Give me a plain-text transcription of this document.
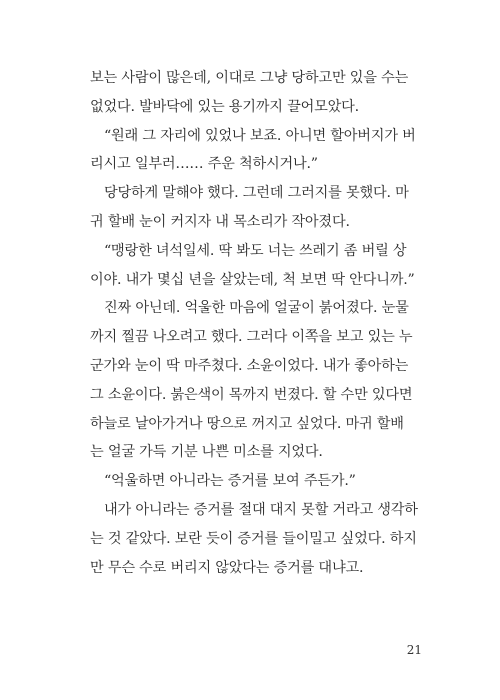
보는 사람이 많은데, 이대로 그냥 당하고만 있을 수는
없었다. 발바닥에 있는 용기까지 끌어모았다.
“원래 그 자리에 있었나 보죠. 아니면 할아버지가 버
리시고 일부러…… 주운 척하시거나.”
당당하게 말해야 했다. 그런데 그러지를 못했다. 마
귀 할배 눈이 커지자 내 목소리가 작아졌다.
“맹랑한 녀석일세. 딱 봐도 너는 쓰레기 좀 버릴 상
이야. 내가 몇십 년을 살았는데, 척 보면 딱 안다니까.”
진짜 아닌데. 억울한 마음에 얼굴이 붉어졌다. 눈물
까지 찔끔 나오려고 했다. 그러다 이쪽을 보고 있는 누
군가와 눈이 딱 마주쳤다. 소윤이었다. 내가 좋아하는
그 소윤이다. 붉은색이 목까지 번졌다. 할 수만 있다면
하늘로 날아가거나 땅으로 꺼지고 싶었다. 마귀 할배
는 얼굴 가득 기분 나쁜 미소를 지었다.
“억울하면 아니라는 증거를 보여 주든가.”
내가 아니라는 증거를 절대 대지 못할 거라고 생각하
는 것 같았다. 보란 듯이 증거를 들이밀고 싶었다. 하지
만 무슨 수로 버리지 않았다는 증거를 대냐고.
21
